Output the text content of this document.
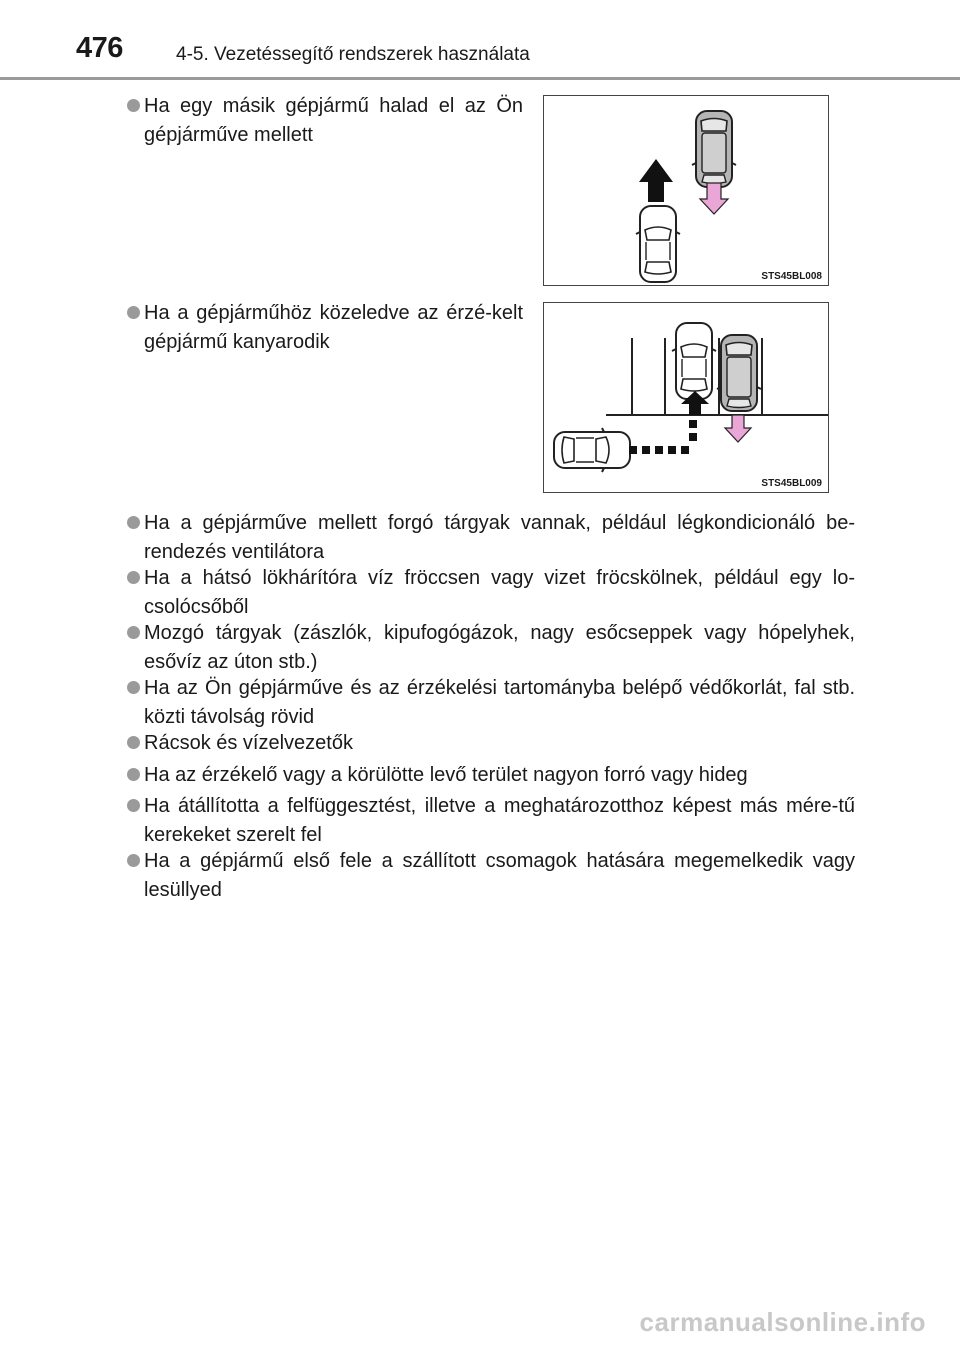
476	4-5. Vezetéssegítő rendszerek használata
Ha egy másik gépjármű halad el az Ön gépjárműve mellett
STS45BL008
Ha a gépjárműhöz közeledve az érzé-kelt gépjármű kanyarodik
STS45BL009
Ha a gépjárműve mellett forgó tárgyak vannak, például légkondicionáló be-rendezés ventilátora
Ha a hátsó lökhárítóra víz fröccsen vagy vizet fröcskölnek, például egy lo-csolócsőből
Mozgó tárgyak (zászlók, kipufogógázok, nagy esőcseppek vagy hópelyhek, esővíz az úton stb.)
Ha az Ön gépjárműve és az érzékelési tartományba belépő védőkorlát, fal stb. közti távolság rövid
Rácsok és vízelvezetők
Ha az érzékelő vagy a körülötte levő terület nagyon forró vagy hideg
Ha átállította a felfüggesztést, illetve a meghatározotthoz képest más mére-tű kerekeket szerelt fel
Ha a gépjármű első fele a szállított csomagok hatására megemelkedik vagy lesüllyed
carmanualsonline.info
